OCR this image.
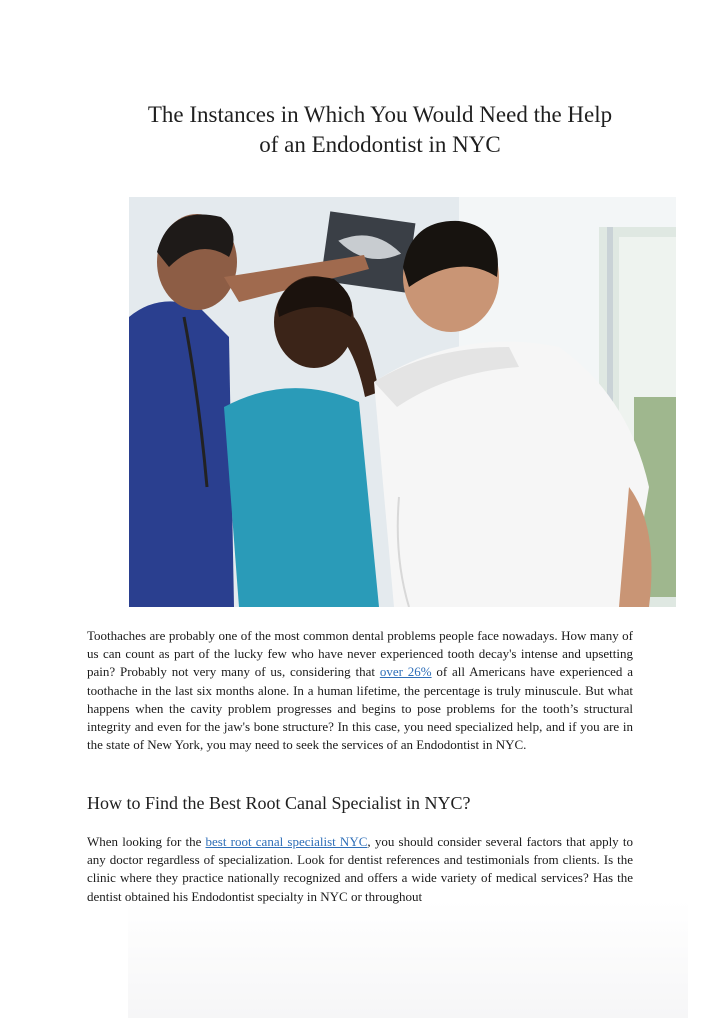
The Instances in Which You Would Need the Help
of an Endodontist in NYC

Toothaches are probably one of the most common dental problems people face nowadays. How many of us can count as part of the lucky few who have never experienced tooth decay's intense and upsetting pain? Probably not very many of us, considering that over 26% of all Americans have experienced a toothache in the last six months alone. In a human lifetime, the percentage is truly minuscule. But what happens when the cavity problem progresses and begins to pose problems for the tooth’s structural integrity and even for the jaw's bone structure? In this case, you need specialized help, and if you are in the state of New York, you may need to seek the services of an Endodontist in NYC.

How to Find the Best Root Canal Specialist in NYC?

When looking for the best root canal specialist NYC, you should consider several factors that apply to any doctor regardless of specialization. Look for dentist references and testimonials from clients. Is the clinic where they practice nationally recognized and offers a wide variety of medical services? Has the dentist obtained his Endodontist specialty in NYC or throughout
